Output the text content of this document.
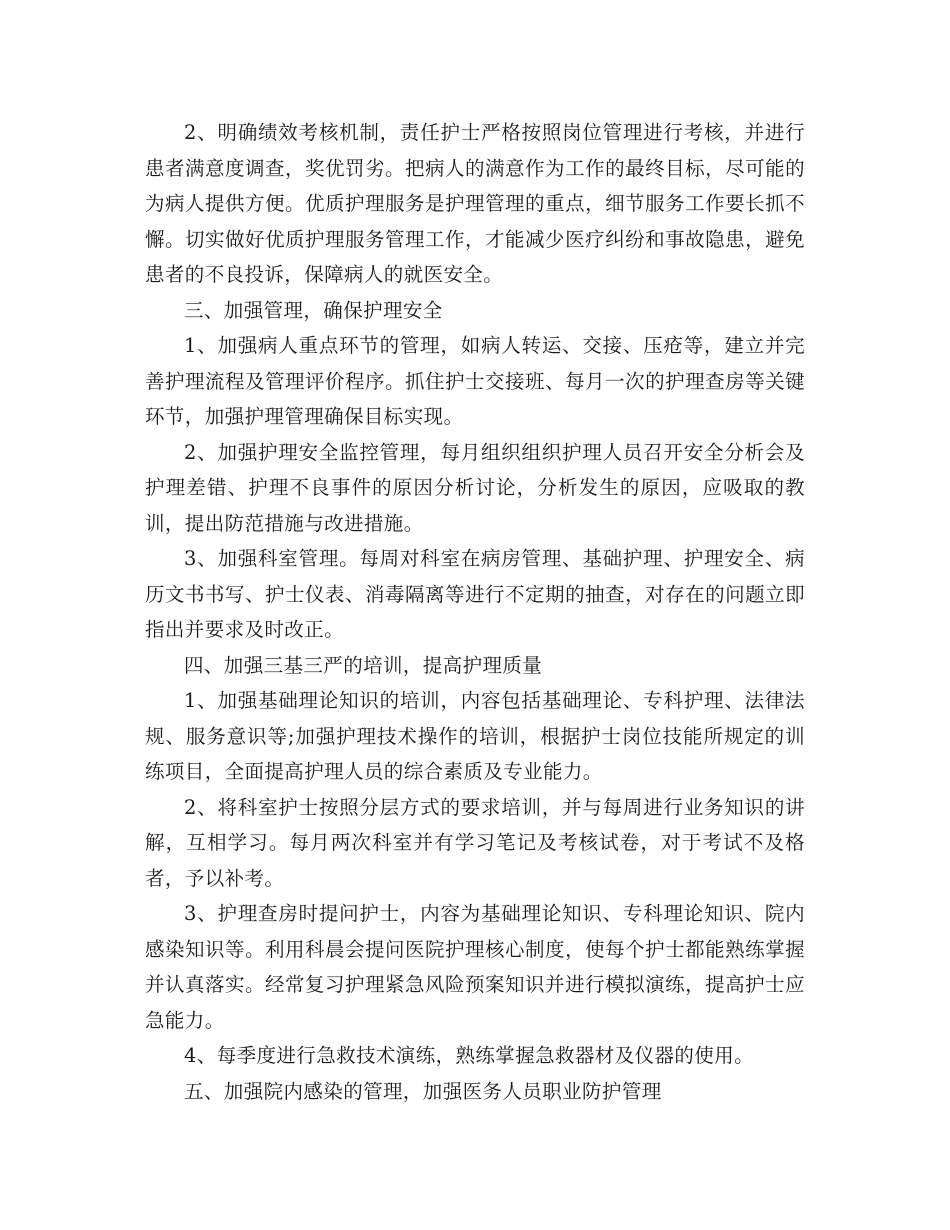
2、明确绩效考核机制，责任护士严格按照岗位管理进行考核，并进行患者满意度调查，奖优罚劣。把病人的满意作为工作的最终目标，尽可能的为病人提供方便。优质护理服务是护理管理的重点，细节服务工作要长抓不懈。切实做好优质护理服务管理工作，才能减少医疗纠纷和事故隐患，避免患者的不良投诉，保障病人的就医安全。

三、加强管理，确保护理安全

1、加强病人重点环节的管理，如病人转运、交接、压疮等，建立并完善护理流程及管理评价程序。抓住护士交接班、每月一次的护理查房等关键环节，加强护理管理确保目标实现。

2、加强护理安全监控管理，每月组织组织护理人员召开安全分析会及护理差错、护理不良事件的原因分析讨论，分析发生的原因，应吸取的教训，提出防范措施与改进措施。

3、加强科室管理。每周对科室在病房管理、基础护理、护理安全、病历文书书写、护士仪表、消毒隔离等进行不定期的抽查，对存在的问题立即指出并要求及时改正。

四、加强三基三严的培训，提高护理质量

1、加强基础理论知识的培训，内容包括基础理论、专科护理、法律法规、服务意识等;加强护理技术操作的培训，根据护士岗位技能所规定的训练项目，全面提高护理人员的综合素质及专业能力。

2、将科室护士按照分层方式的要求培训，并与每周进行业务知识的讲解，互相学习。每月两次科室并有学习笔记及考核试卷，对于考试不及格者，予以补考。

3、护理查房时提问护士，内容为基础理论知识、专科理论知识、院内感染知识等。利用科晨会提问医院护理核心制度，使每个护士都能熟练掌握并认真落实。经常复习护理紧急风险预案知识并进行模拟演练，提高护士应急能力。

4、每季度进行急救技术演练，熟练掌握急救器材及仪器的使用。

五、加强院内感染的管理，加强医务人员职业防护管理
